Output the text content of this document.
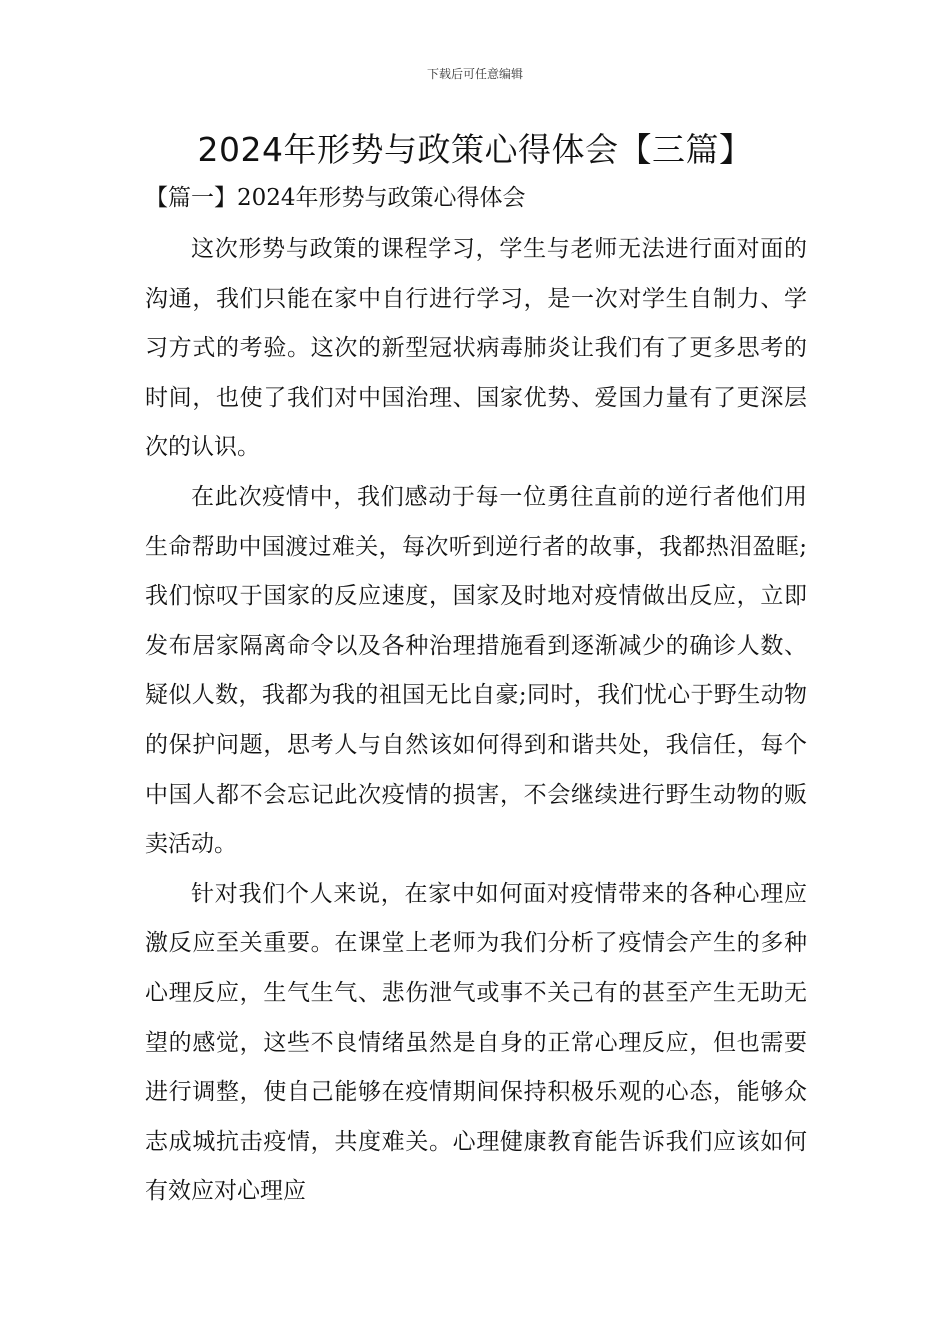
下载后可任意编辑
2024年形势与政策心得体会【三篇】
【篇一】2024年形势与政策心得体会

这次形势与政策的课程学习，学生与老师无法进行面对面的沟通，我们只能在家中自行进行学习，是一次对学生自制力、学习方式的考验。这次的新型冠状病毒肺炎让我们有了更多思考的时间，也使了我们对中国治理、国家优势、爱国力量有了更深层次的认识。

在此次疫情中，我们感动于每一位勇往直前的逆行者他们用生命帮助中国渡过难关，每次听到逆行者的故事，我都热泪盈眶;我们惊叹于国家的反应速度，国家及时地对疫情做出反应，立即发布居家隔离命令以及各种治理措施看到逐渐减少的确诊人数、疑似人数，我都为我的祖国无比自豪;同时，我们忧心于野生动物的保护问题，思考人与自然该如何得到和谐共处，我信任，每个中国人都不会忘记此次疫情的损害，不会继续进行野生动物的贩卖活动。

针对我们个人来说，在家中如何面对疫情带来的各种心理应激反应至关重要。在课堂上老师为我们分析了疫情会产生的多种心理反应，生气生气、悲伤泄气或事不关己有的甚至产生无助无望的感觉，这些不良情绪虽然是自身的正常心理反应，但也需要进行调整，使自己能够在疫情期间保持积极乐观的心态，能够众志成城抗击疫情，共度难关。心理健康教育能告诉我们应该如何有效应对心理应
